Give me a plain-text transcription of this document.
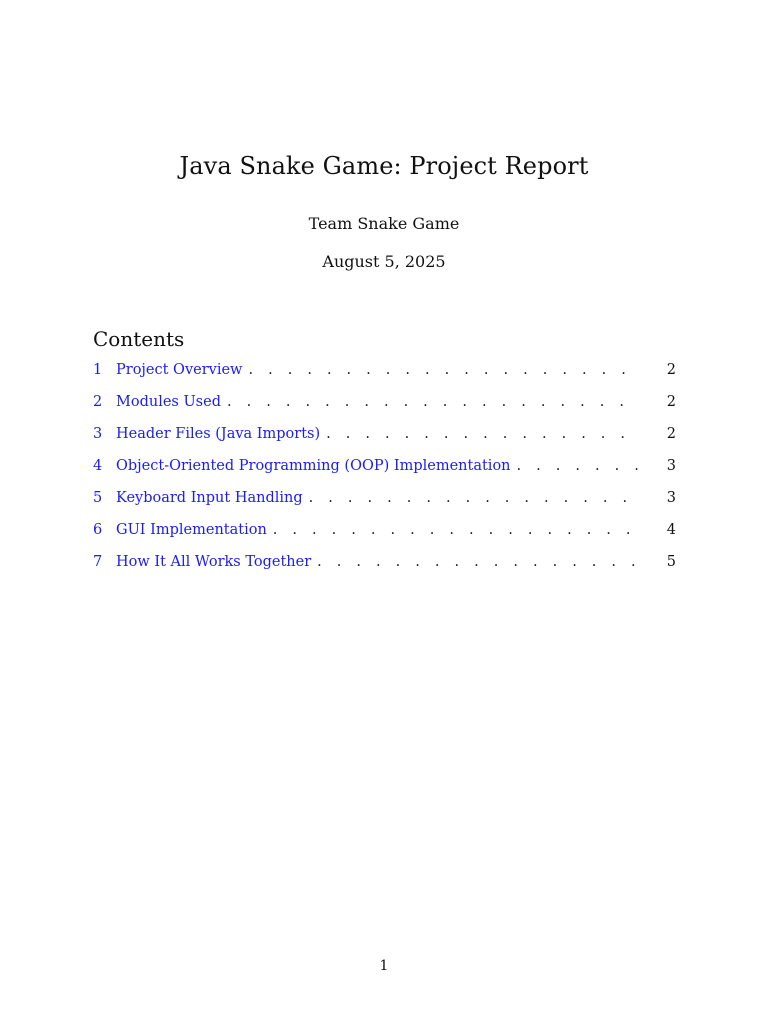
Java Snake Game: Project Report
Team Snake Game
August 5, 2025
Contents
1 Project Overview . . .	2
2 Modules Used . . .	2
3 Header Files (Java Imports) . . .	2
4 Object-Oriented Programming (OOP) Implementation . . .	3
5 Keyboard Input Handling . . .	3
6 GUI Implementation . . .	4
7 How It All Works Together . . .	5
1
